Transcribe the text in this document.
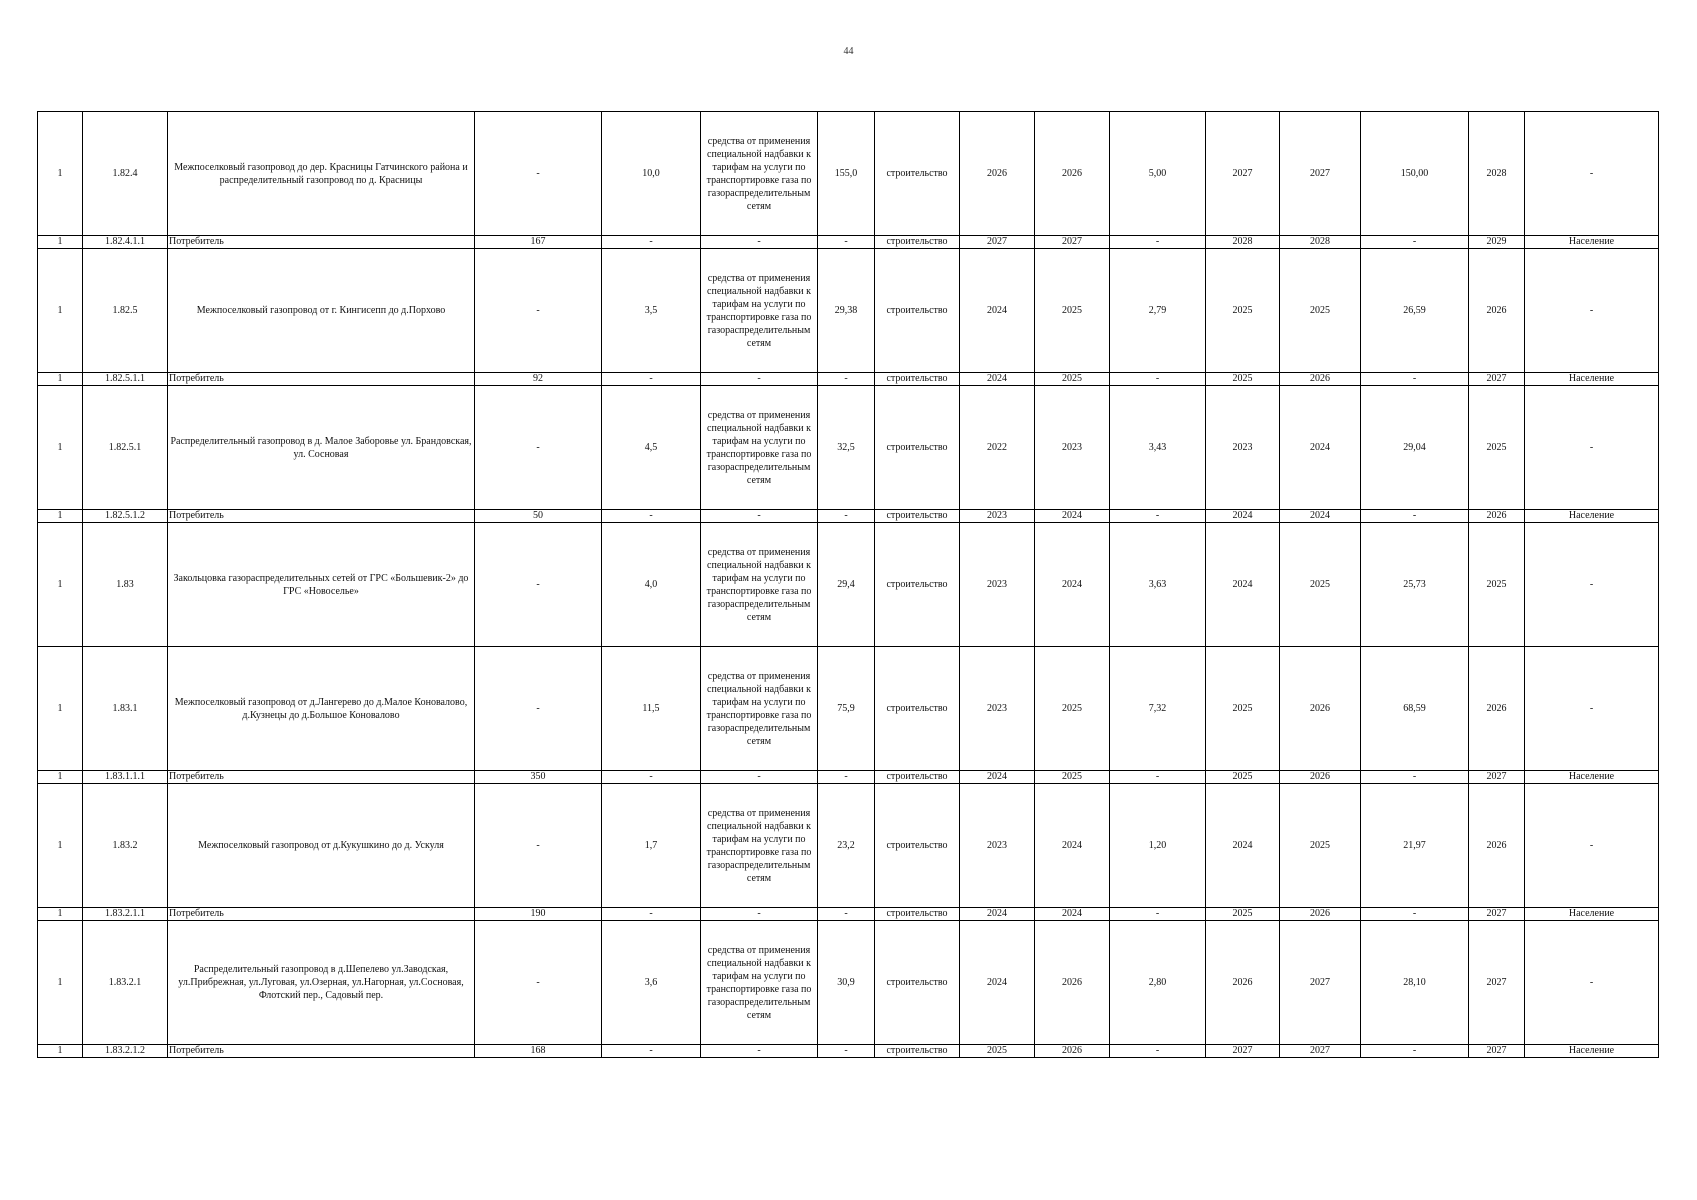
44
1	1.82.4	Межпоселковый газопровод до дер. Красницы Гатчинского района и распределительный газопровод по д. Красницы	-	10,0	средства от применения специальной надбавки к тарифам на услуги по транспортировке газа по газораспределительным сетям	155,0	строительство	2026	2026	5,00	2027	2027	150,00	2028	-
1	1.82.4.1.1	Потребитель	167	-	-	-	строительство	2027	2027	-	2028	2028	-	2029	Население
1	1.82.5	Межпоселковый газопровод от г. Кингисепп до д.Порхово	-	3,5	средства от применения специальной надбавки к тарифам на услуги по транспортировке газа по газораспределительным сетям	29,38	строительство	2024	2025	2,79	2025	2025	26,59	2026	-
1	1.82.5.1.1	Потребитель	92	-	-	-	строительство	2024	2025	-	2025	2026	-	2027	Население
1	1.82.5.1	Распределительный газопровод в д. Малое Заборовье ул. Брандовская, ул. Сосновая	-	4,5	средства от применения специальной надбавки к тарифам на услуги по транспортировке газа по газораспределительным сетям	32,5	строительство	2022	2023	3,43	2023	2024	29,04	2025	-
1	1.82.5.1.2	Потребитель	50	-	-	-	строительство	2023	2024	-	2024	2024	-	2026	Население
1	1.83	Закольцовка газораспределительных сетей от ГРС «Большевик-2» до ГРС «Новоселье»	-	4,0	средства от применения специальной надбавки к тарифам на услуги по транспортировке газа по газораспределительным сетям	29,4	строительство	2023	2024	3,63	2024	2025	25,73	2025	-
1	1.83.1	Межпоселковый газопровод от д.Лангерево до д.Малое Коновалово, д.Кузнецы до д.Большое Коновалово	-	11,5	средства от применения специальной надбавки к тарифам на услуги по транспортировке газа по газораспределительным сетям	75,9	строительство	2023	2025	7,32	2025	2026	68,59	2026	-
1	1.83.1.1.1	Потребитель	350	-	-	-	строительство	2024	2025	-	2025	2026	-	2027	Население
1	1.83.2	Межпоселковый газопровод от д.Кукушкино до д. Ускуля	-	1,7	средства от применения специальной надбавки к тарифам на услуги по транспортировке газа по газораспределительным сетям	23,2	строительство	2023	2024	1,20	2024	2025	21,97	2026	-
1	1.83.2.1.1	Потребитель	190	-	-	-	строительство	2024	2024	-	2025	2026	-	2027	Население
1	1.83.2.1	Распределительный газопровод в д.Шепелево ул.Заводская, ул.Прибрежная, ул.Луговая, ул.Озерная, ул.Нагорная, ул.Сосновая, Флотский пер., Садовый пер.	-	3,6	средства от применения специальной надбавки к тарифам на услуги по транспортировке газа по газораспределительным сетям	30,9	строительство	2024	2026	2,80	2026	2027	28,10	2027	-
1	1.83.2.1.2	Потребитель	168	-	-	-	строительство	2025	2026	-	2027	2027	-	2027	Население
